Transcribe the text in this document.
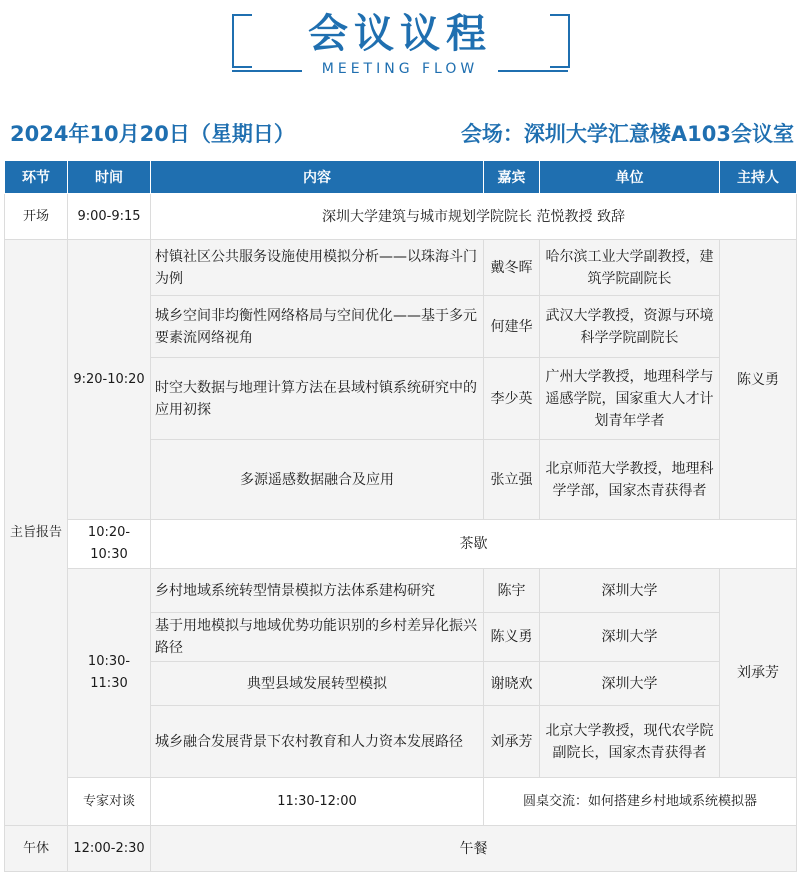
会议议程
MEETING FLOW
2024年10月20日（星期日）	会场：深圳大学汇意楼A103会议室
环节	时间	内容	嘉宾	单位	主持人
开场	9:00-9:15	深圳大学建筑与城市规划学院院长 范悦教授 致辞			
主旨报告	9:20-10:20	村镇社区公共服务设施使用模拟分析——以珠海斗门为例	戴冬晖	哈尔滨工业大学副教授，建筑学院副院长	陈义勇
		城乡空间非均衡性网络格局与空间优化——基于多元要素流网络视角	何建华	武汉大学教授，资源与环境科学学院副院长	
		时空大数据与地理计算方法在县域村镇系统研究中的应用初探	李少英	广州大学教授，地理科学与遥感学院，国家重大人才计划青年学者	
		多源遥感数据融合及应用	张立强	北京师范大学教授，地理科学学部，国家杰青获得者	
	10:20-10:30	茶歇			
	10:30-11:30	乡村地域系统转型情景模拟方法体系建构研究	陈宇	深圳大学	刘承芳
		基于用地模拟与地域优势功能识别的乡村差异化振兴路径	陈义勇	深圳大学	
		典型县域发展转型模拟	谢晓欢	深圳大学	
		城乡融合发展背景下农村教育和人力资本发展路径	刘承芳	北京大学教授，现代农学院副院长，国家杰青获得者	
	专家对谈	11:30-12:00	圆桌交流：如何搭建乡村地域系统模拟器		
午休	12:00-2:30	午餐			
